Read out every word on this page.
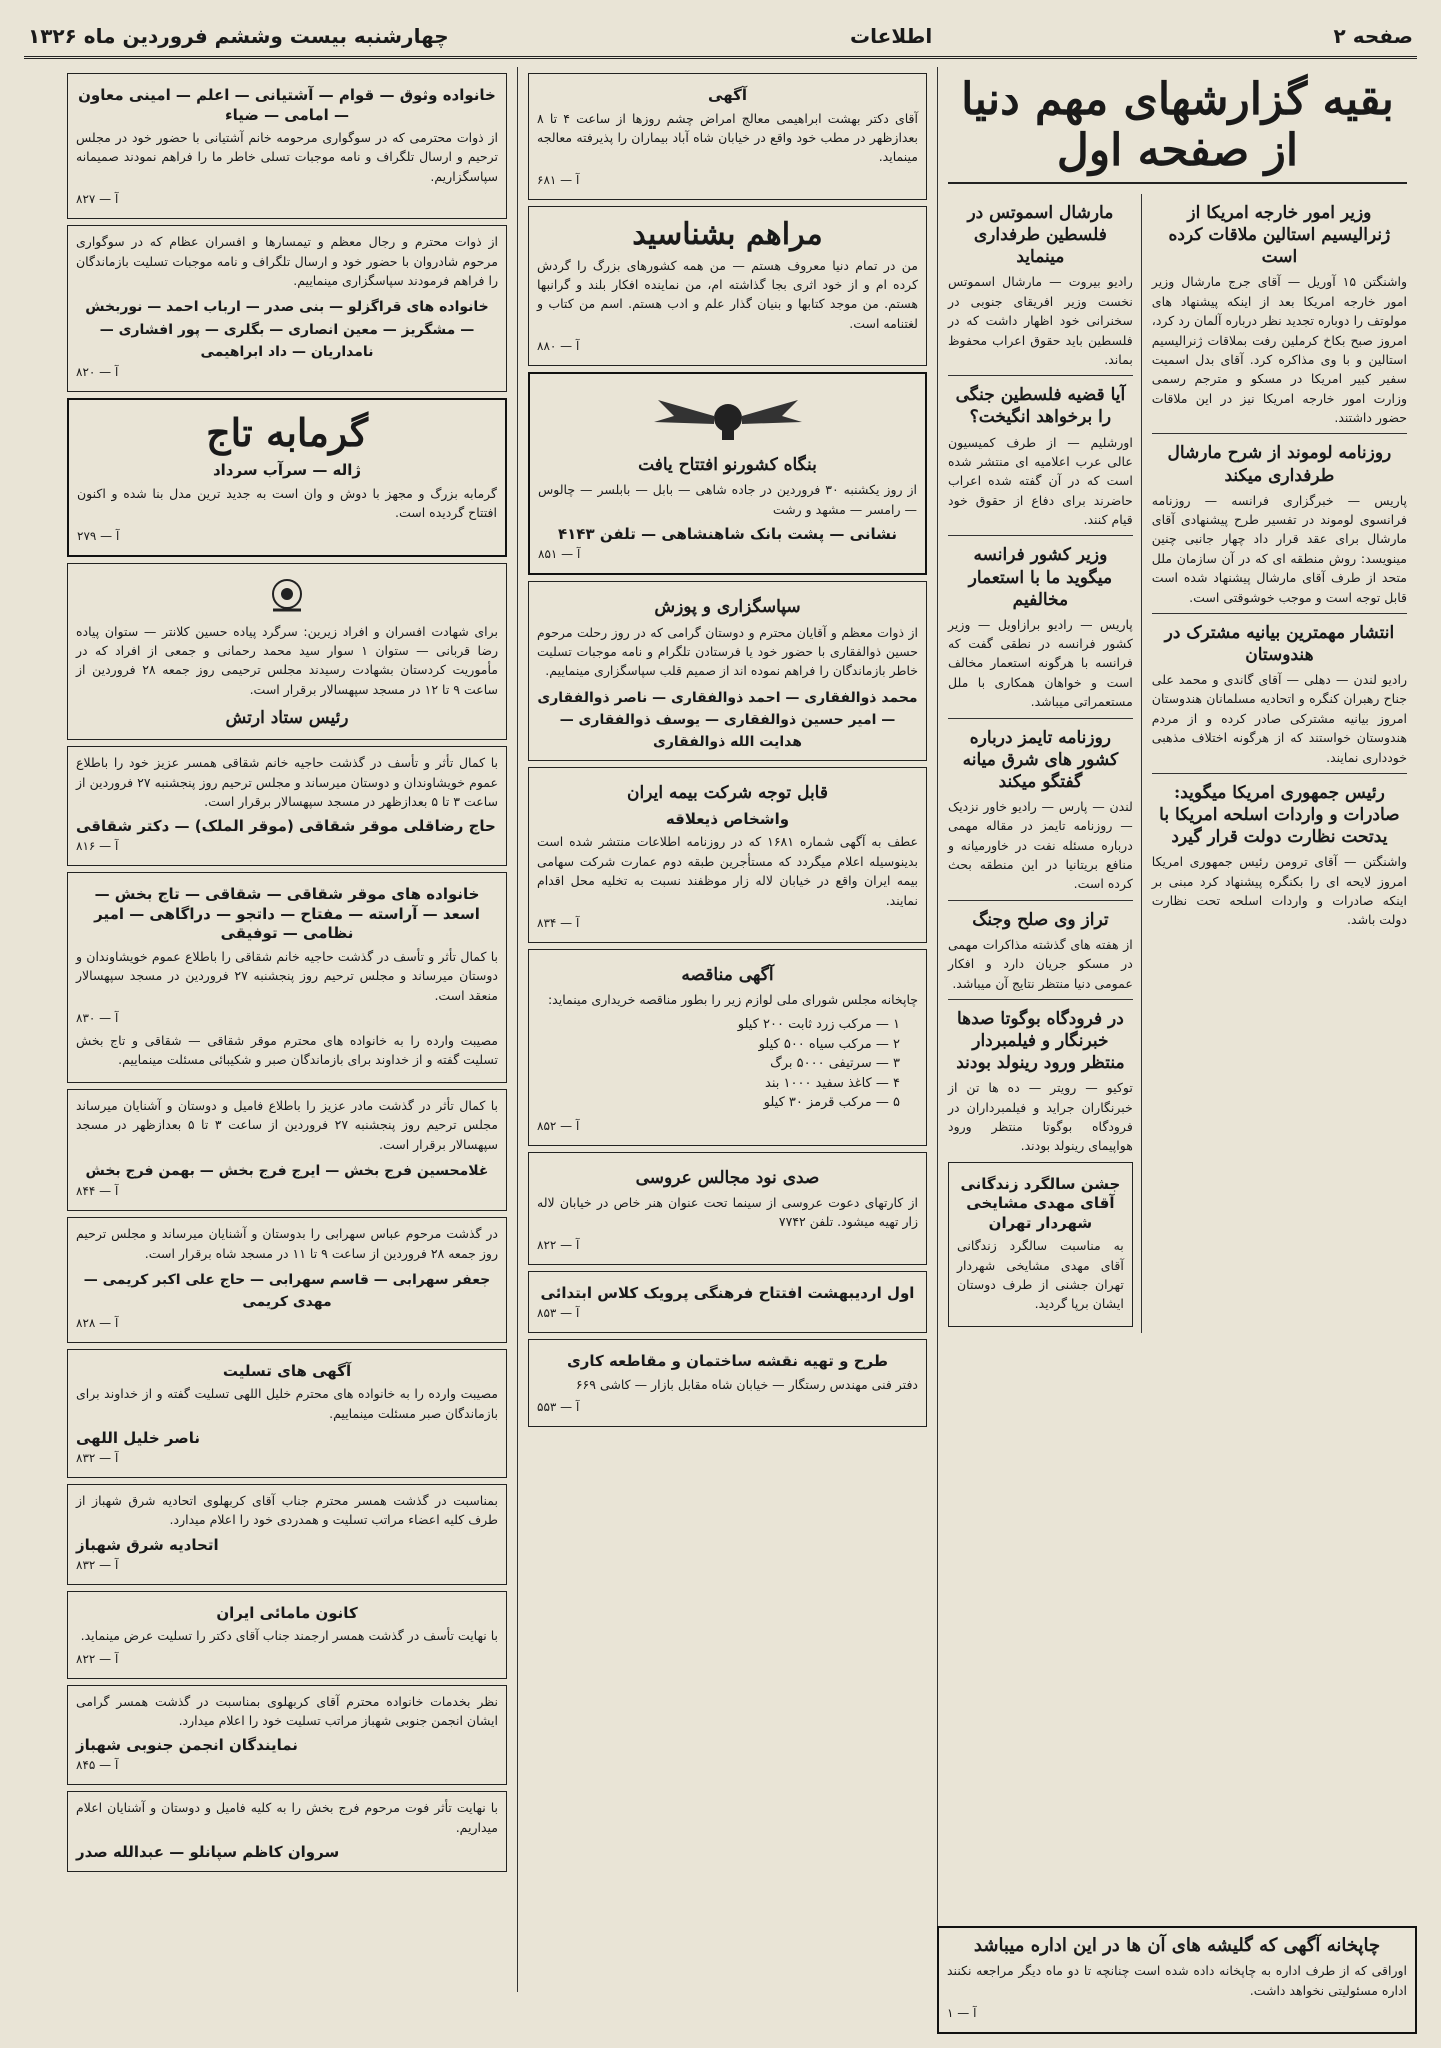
صفحه ۲
اطلاعات
چهارشنبه بیست وششم فروردین ماه ۱۳۲۶
بقیه گزارشهای مهم دنیا از صفحه اول
وزیر امور خارجه امریکا از ژنرالیسیم استالین ملاقات کرده است

واشنگتن ۱۵ آوریل — آقای جرج مارشال وزیر امور خارجه امریکا بعد از اینکه پیشنهاد های مولوتف را دوباره تجدید نظر درباره آلمان رد کرد، امروز صبح بکاخ کرملین رفت بملاقات ژنرالیسیم استالین و با وی مذاکره کرد. آقای بدل اسمیت سفیر کبیر امریکا در مسکو و مترجم رسمی وزارت امور خارجه امریکا نیز در این ملاقات حضور داشتند.

روزنامه لوموند از شرح مارشال طرفداری میکند

پاریس — خبرگزاری فرانسه — روزنامه فرانسوی لوموند در تفسیر طرح پیشنهادی آقای مارشال برای عقد قرار داد چهار جانبی چنین مینویسد: روش منطقه ای که در آن سازمان ملل متحد از طرف آقای مارشال پیشنهاد شده است قابل توجه است و موجب خوشوقتی است.

انتشار مهمترین بیانیه مشترک در هندوستان

رادیو لندن — دهلی — آقای گاندی و محمد علی جناح رهبران کنگره و اتحادیه مسلمانان هندوستان امروز بیانیه مشترکی صادر کرده و از مردم هندوستان خواستند که از هرگونه اختلاف مذهبی خودداری نمایند.

رئیس جمهوری امریکا میگوید: صادرات و واردات اسلحه امریکا با یدتحت نظارت دولت قرار گیرد

واشنگتن — آقای ترومن رئیس جمهوری امریکا امروز لایحه ای را بکنگره پیشنهاد کرد مبنی بر اینکه صادرات و واردات اسلحه تحت نظارت دولت باشد.

مارشال اسموتس در فلسطین طرفداری مینماید

رادیو بیروت — مارشال اسموتس نخست وزیر افریقای جنوبی در سخنرانی خود اظهار داشت که در فلسطین باید حقوق اعراب محفوظ بماند.

آیا قضیه فلسطین جنگی را برخواهد انگیخت؟

اورشلیم — از طرف کمیسیون عالی عرب اعلامیه ای منتشر شده است که در آن گفته شده اعراب حاضرند برای دفاع از حقوق خود قیام کنند.

وزیر کشور فرانسه میگوید ما با استعمار مخالفیم

پاریس — رادیو برازاویل — وزیر کشور فرانسه در نطقی گفت که فرانسه با هرگونه استعمار مخالف است و خواهان همکاری با ملل مستعمراتی میباشد.

روزنامه تایمز درباره کشور های شرق میانه گفتگو میکند

لندن — پارس — رادیو خاور نزدیک — روزنامه تایمز در مقاله مهمی درباره مسئله نفت در خاورمیانه و منافع بریتانیا در این منطقه بحث کرده است.

تراز وی صلح وجنگ

از هفته های گذشته مذاکرات مهمی در مسکو جریان دارد و افکار عمومی دنیا منتظر نتایج آن میباشد.

در فرودگاه بوگوتا صدها خبرنگار و فیلمبردار منتظر ورود رینولد بودند

توکیو — رویتر — ده ها تن از خبرنگاران جراید و فیلمبرداران در فرودگاه بوگوتا منتظر ورود هواپیمای رینولد بودند.

جشن سالگرد زندگانی آقای مهدی مشایخی شهردار تهران

به مناسبت سالگرد زندگانی آقای مهدی مشایخی شهردار تهران جشنی از طرف دوستان ایشان برپا گردید.

آگهی

آقای دکتر بهشت ابراهیمی معالج امراض چشم روزها از ساعت ۴ تا ۸ بعدازظهر در مطب خود واقع در خیابان شاه آباد بیماران را پذیرفته معالجه مینماید.

آ — ۶۸۱
مراهم بشناسید

من در تمام دنیا معروف هستم — من همه کشورهای بزرگ را گردش کرده ام و از خود اثری بجا گذاشته ام، من نماینده افکار بلند و گرانبها هستم. من موجد کتابها و بنیان گذار علم و ادب هستم. اسم من کتاب و لغتنامه است.

آ — ۸۸۰
بنگاه کشورنو افتتاح یافت

از روز یکشنبه ۳۰ فروردین در جاده شاهی — بابل — بابلسر — چالوس — رامسر — مشهد و رشت

نشانی — پشت بانک شاهنشاهی — تلفن ۴۱۴۳
آ — ۸۵۱
سپاسگزاری و پوزش

از ذوات معظم و آقایان محترم و دوستان گرامی که در روز رحلت مرحوم حسین ذوالفقاری با حضور خود یا فرستادن تلگرام و نامه موجبات تسلیت خاطر بازماندگان را فراهم نموده اند از صمیم قلب سپاسگزاری مینماییم.

محمد ذوالفقاری — احمد ذوالفقاری — ناصر ذوالفقاری — امیر حسین ذوالفقاری — یوسف ذوالفقاری — هدایت الله ذوالفقاری
قابل توجه شرکت بیمه ایران
واشخاص ذیعلاقه

عطف به آگهی شماره ۱۶۸۱ که در روزنامه اطلاعات منتشر شده است بدینوسیله اعلام میگردد که مستأجرین طبقه دوم عمارت شرکت سهامی بیمه ایران واقع در خیابان لاله زار موظفند نسبت به تخلیه محل اقدام نمایند.

آ — ۸۳۴
آگهی مناقصه

چاپخانه مجلس شورای ملی لوازم زیر را بطور مناقصه خریداری مینماید:

۱ — مرکب زرد ثابت ۲۰۰ کیلو
۲ — مرکب سیاه ۵۰۰ کیلو
۳ — سرتیفی ۵۰۰۰ برگ
۴ — کاغذ سفید ۱۰۰۰ بند
۵ — مرکب قرمز ۳۰ کیلو
آ — ۸۵۲
صدی نود مجالس عروسی

از کارتهای دعوت عروسی از سینما تحت عنوان هنر خاص در خیابان لاله زار تهیه میشود. تلفن ۷۷۴۲

آ — ۸۲۲
اول اردیبهشت افتتاح فرهنگی پرویک کلاس ابتدائی
آ — ۸۵۳
طرح و تهیه نقشه ساختمان و مقاطعه کاری

دفتر فنی مهندس رستگار — خیابان شاه مقابل بازار — کاشی ۶۶۹

آ — ۵۵۳
خانواده وثوق — قوام — آشتیانی — اعلم — امینی معاون — امامی — ضیاء

از ذوات محترمی که در سوگواری مرحومه خانم آشتیانی با حضور خود در مجلس ترحیم و ارسال تلگراف و نامه موجبات تسلی خاطر ما را فراهم نمودند صمیمانه سپاسگزاریم.

آ — ۸۲۷

از ذوات محترم و رجال معظم و تیمسارها و افسران عظام که در سوگواری مرحوم شادروان با حضور خود و ارسال تلگراف و نامه موجبات تسلیت بازماندگان را فراهم فرمودند سپاسگزاری مینماییم.

خانواده های قراگزلو — بنی صدر — ارباب احمد — نوربخش — مشگریز — معین انصاری — بگلری — پور افشاری — نامداریان — داد ابراهیمی
آ — ۸۲۰
گرمابه تاج
ژاله — سرآب سرداد

گرمابه بزرگ و مجهز با دوش و وان است به جدید ترین مدل بنا شده و اکنون افتتاح گردیده است.

آ — ۲۷۹

برای شهادت افسران و افراد زیرین: سرگرد پیاده حسین کلانتر — ستوان پیاده رضا قربانی — ستوان ۱ سوار سید محمد رحمانی و جمعی از افراد که در مأموریت کردستان بشهادت رسیدند مجلس ترحیمی روز جمعه ۲۸ فروردین از ساعت ۹ تا ۱۲ در مسجد سپهسالار برقرار است.

رئیس ستاد ارتش

با کمال تأثر و تأسف در گذشت حاجیه خانم شقاقی همسر عزیز خود را باطلاع عموم خویشاوندان و دوستان میرساند و مجلس ترحیم روز پنجشنبه ۲۷ فروردین از ساعت ۳ تا ۵ بعدازظهر در مسجد سپهسالار برقرار است.

حاج رضاقلی موقر شقاقی (موقر الملک) — دکتر شقاقی
آ — ۸۱۶
خانواده های موقر شقاقی — شقاقی — تاج بخش — اسعد — آراسته — مفتاح — داتجو — دراگاهی — امیر نظامی — توفیقی

با کمال تأثر و تأسف در گذشت حاجیه خانم شقاقی را باطلاع عموم خویشاوندان و دوستان میرساند و مجلس ترحیم روز پنجشنبه ۲۷ فروردین در مسجد سپهسالار منعقد است.

آ — ۸۳۰

مصیبت وارده را به خانواده های محترم موقر شقاقی — شقاقی و تاج بخش تسلیت گفته و از خداوند برای بازماندگان صبر و شکیبائی مسئلت مینماییم.

با کمال تأثر در گذشت مادر عزیز را باطلاع فامیل و دوستان و آشنایان میرساند مجلس ترحیم روز پنجشنبه ۲۷ فروردین از ساعت ۳ تا ۵ بعدازظهر در مسجد سپهسالار برقرار است.

غلامحسین فرج بخش — ایرج فرج بخش — بهمن فرج بخش
آ — ۸۴۴

در گذشت مرحوم عباس سهرابی را بدوستان و آشنایان میرساند و مجلس ترحیم روز جمعه ۲۸ فروردین از ساعت ۹ تا ۱۱ در مسجد شاه برقرار است.

جعفر سهرابی — قاسم سهرابی — حاج علی اکبر کریمی — مهدی کریمی
آ — ۸۲۸
آگهی های تسلیت

مصیبت وارده را به خانواده های محترم خلیل اللهی تسلیت گفته و از خداوند برای بازماندگان صبر مسئلت مینماییم.

ناصر خلیل اللهی
آ — ۸۳۲

بمناسبت در گذشت همسر محترم جناب آقای کربهلوی اتحادیه شرق شهباز از طرف کلیه اعضاء مراتب تسلیت و همدردی خود را اعلام میدارد.

اتحادیه شرق شهباز
آ — ۸۳۲
کانون مامائی ایران

با نهایت تأسف در گذشت همسر ارجمند جناب آقای دکتر را تسلیت عرض مینماید.

آ — ۸۲۲

نظر بخدمات خانواده محترم آقای کربهلوی بمناسبت در گذشت همسر گرامی ایشان انجمن جنوبی شهباز مراتب تسلیت خود را اعلام میدارد.

نمایندگان انجمن جنوبی شهباز
آ — ۸۴۵

با نهایت تأثر فوت مرحوم فرج بخش را به کلیه فامیل و دوستان و آشنایان اعلام میداریم.

سروان کاظم سپانلو — عبدالله صدر
چاپخانه آگهی که گلیشه های آن ها در این اداره میباشد

اوراقی که از طرف اداره به چاپخانه داده شده است چنانچه تا دو ماه دیگر مراجعه نکنند اداره مسئولیتی نخواهد داشت.

آ — ۱
